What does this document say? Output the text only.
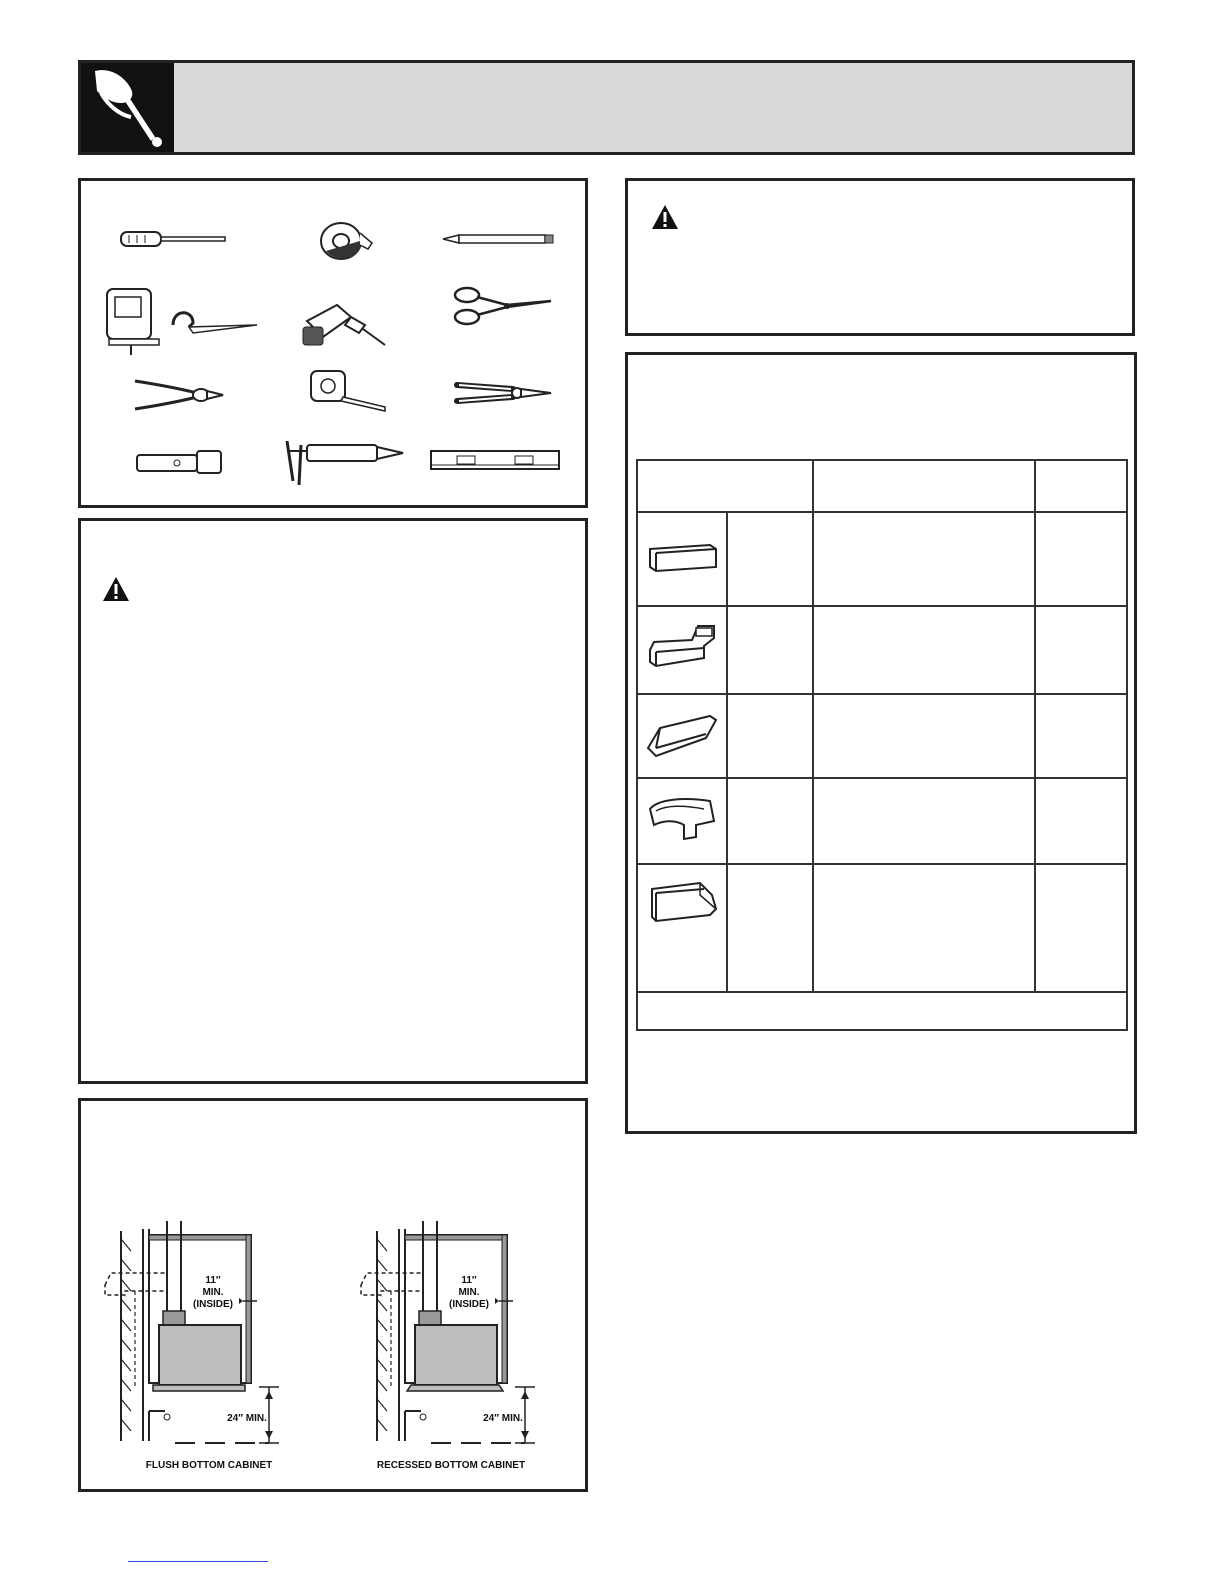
11″
MIN.
(INSIDE)
24″ MIN.
FLUSH BOTTOM CABINET
11″
MIN.
(INSIDE)
24″ MIN.
RECESSED BOTTOM CABINET
